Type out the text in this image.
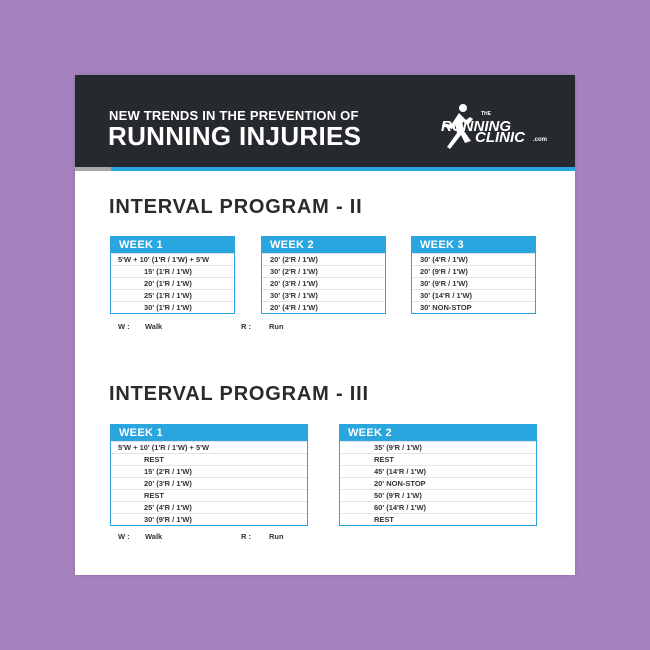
NEW TRENDS IN THE PREVENTION OF
RUNNING INJURIES
THE
RUNNING
CLINIC .com
INTERVAL PROGRAM - II
WEEK 1
5'W + 10' (1'R / 1'W) + 5'W
15' (1'R / 1'W)
20' (1'R / 1'W)
25' (1'R / 1'W)
30' (1'R / 1'W)
WEEK 2
20' (2'R / 1'W)
30' (2'R / 1'W)
20' (3'R / 1'W)
30' (3'R / 1'W)
20' (4'R / 1'W)
WEEK 3
30' (4'R / 1'W)
20' (9'R / 1'W)
30' (9'R / 1'W)
30' (14'R / 1'W)
30' NON-STOP
W : Walk	R : Run
INTERVAL PROGRAM - III
WEEK 1
5'W + 10' (1'R / 1'W) + 5'W
REST
15' (2'R / 1'W)
20' (3'R / 1'W)
REST
25' (4'R / 1'W)
30' (9'R / 1'W)
WEEK 2
35' (9'R / 1'W)
REST
45' (14'R / 1'W)
20' NON-STOP
50' (9'R / 1'W)
60' (14'R / 1'W)
REST
W : Walk	R : Run
